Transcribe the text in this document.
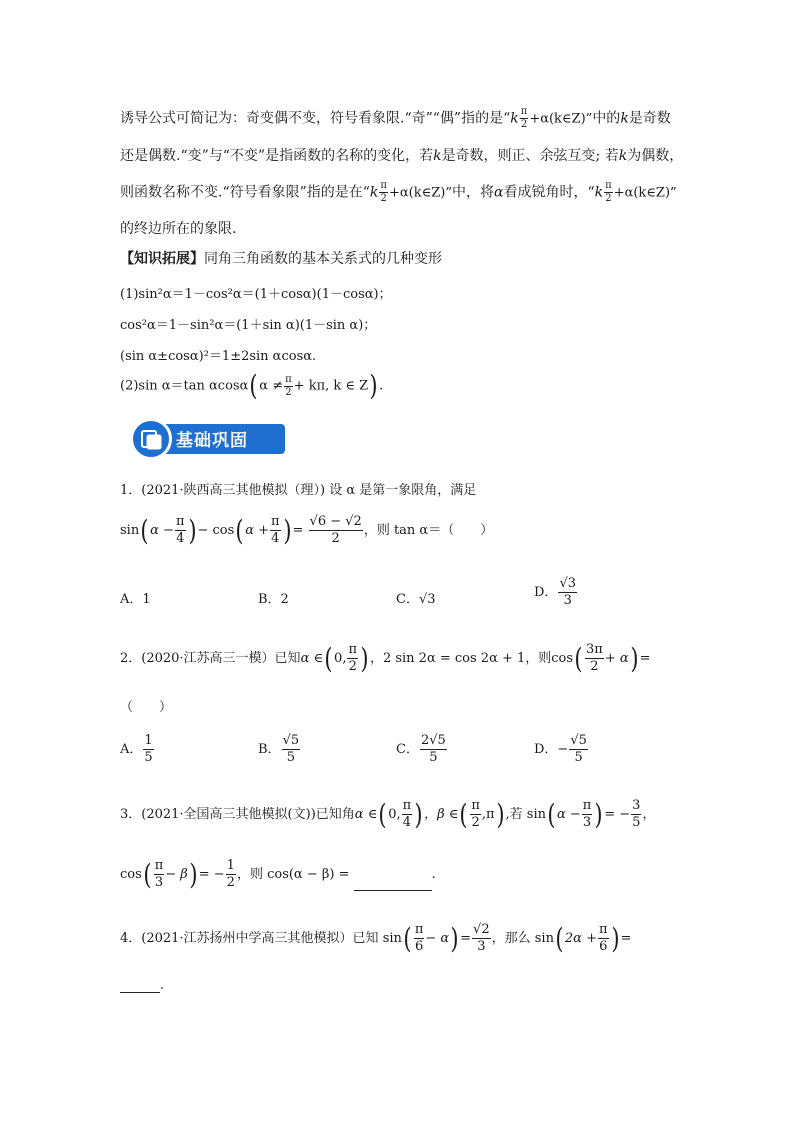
诱导公式可简记为：奇变偶不变，符号看象限.“奇”“偶”指的是“$k \frac{\pi}{2}$ +α(k∈Z)”中的k是奇数
还是偶数.“变”与“不变”是指函数的名称的变化，若k是奇数，则正、余弦互变; 若k为偶数，
则函数名称不变.“符号看象限”指的是在“$k \frac{\pi}{2}$ +α(k∈Z)”中，将α看成锐角时，“$k \frac{\pi}{2}$ +α(k∈Z)”
的终边所在的象限.
【知识拓展】同角三角函数的基本关系式的几种变形
(1)sin²α＝1－cos²α＝(1＋cosα)(1－cosα)；
cos²α＝1－sin²α＝(1＋sin α)(1－sin α)；
(sin α±cosα)²＝1±2sin αcosα.
(2)sin α＝tan $\alpha\cos\alpha(\alpha \ne \frac{\pi}{2} + k\pi$, k ∈ Z).
基础巩固
1．(2021·陕西高三其他模拟（理）) 设 α 是第一象限角，满足
$\sin(\alpha - \frac{\pi}{4}$ )− $\cos(\alpha + \frac{\pi}{4}$ )= $\frac{√6 - √2}{2}$ ，则 tan α＝（　　）
A．1	B．2	C．√3	D． $\frac{√3}{3}$
2．(2020·江苏高三一模）已知α ∈(0, $\frac{\pi}{2}$ )，2 sin 2α = cos 2α + 1，则$\cos( \frac{3\pi}{2} + \alpha)=$
（　　）
A． $\frac{1}{5}$	B． $\frac{√5}{5}$	C． $\frac{2√5}{5}$	D．− $\frac{√5}{5}$
3．(2021·全国高三其他模拟(文))已知角α ∈(0, $\frac{\pi}{4}$ )，β ∈( $\frac{\pi}{2} ,\pi$),若 $\sin(\alpha - \frac{\pi}{3}$ )= − $\frac{3}{5}$ ，
$\cos( \frac{\pi}{3} - \beta)= - \frac{1}{2}$ ，则 cos(α − β) =	.
4．(2021·江苏扬州中学高三其他模拟）已知 $\sin( \frac{\pi}{6} - \alpha)= \frac{√2}{3}$ ，那么 $\sin(2\alpha + \frac{\pi}{6}$ )=
.
